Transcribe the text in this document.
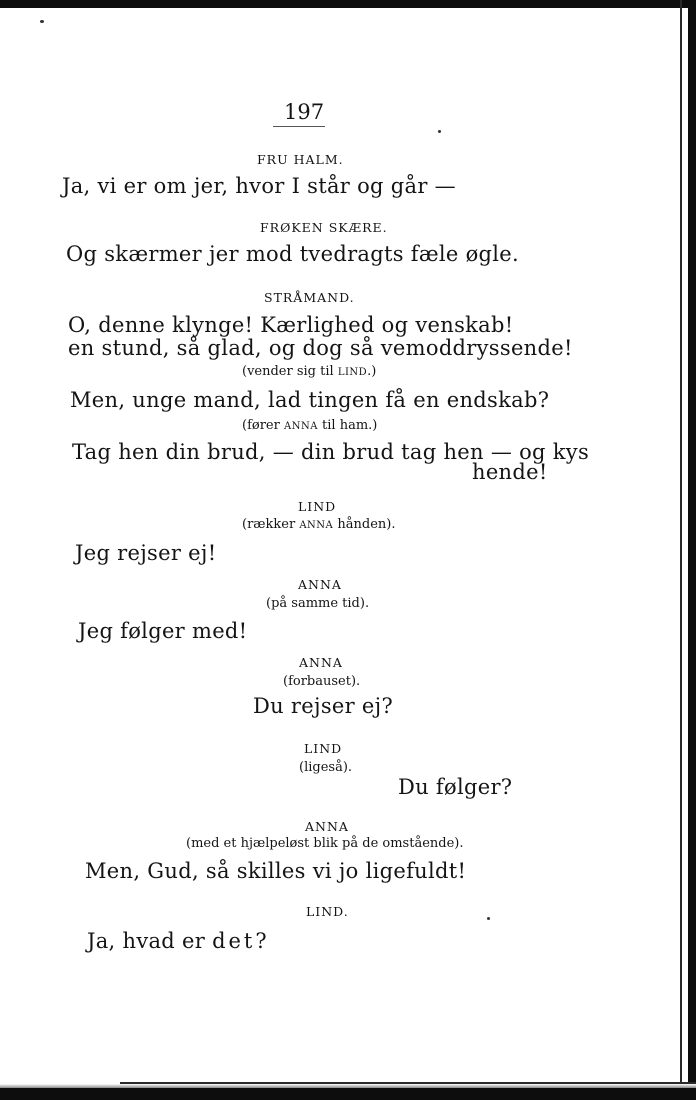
197
FRU HALM.
Ja, vi er om jer, hvor I står og går —
FRØKEN SKÆRE.
Og skærmer jer mod tvedragts fæle øgle.
STRÅMAND.
O, denne klynge! Kærlighed og venskab!
en stund, så glad, og dog så vemoddryssende!
(vender sig til LIND.)
Men, unge mand, lad tingen få en endskab?
(fører ANNA til ham.)
Tag hen din brud, — din brud tag hen — og kys
hende!
LIND
(rækker ANNA hånden).
Jeg rejser ej!
ANNA
(på samme tid).
Jeg følger med!
ANNA
(forbauset).
Du rejser ej?
LIND
(ligeså).
Du følger?
ANNA
(med et hjælpeløst blik på de omstående).
Men, Gud, så skilles vi jo ligefuldt!
LIND.
Ja, hvad er det?
